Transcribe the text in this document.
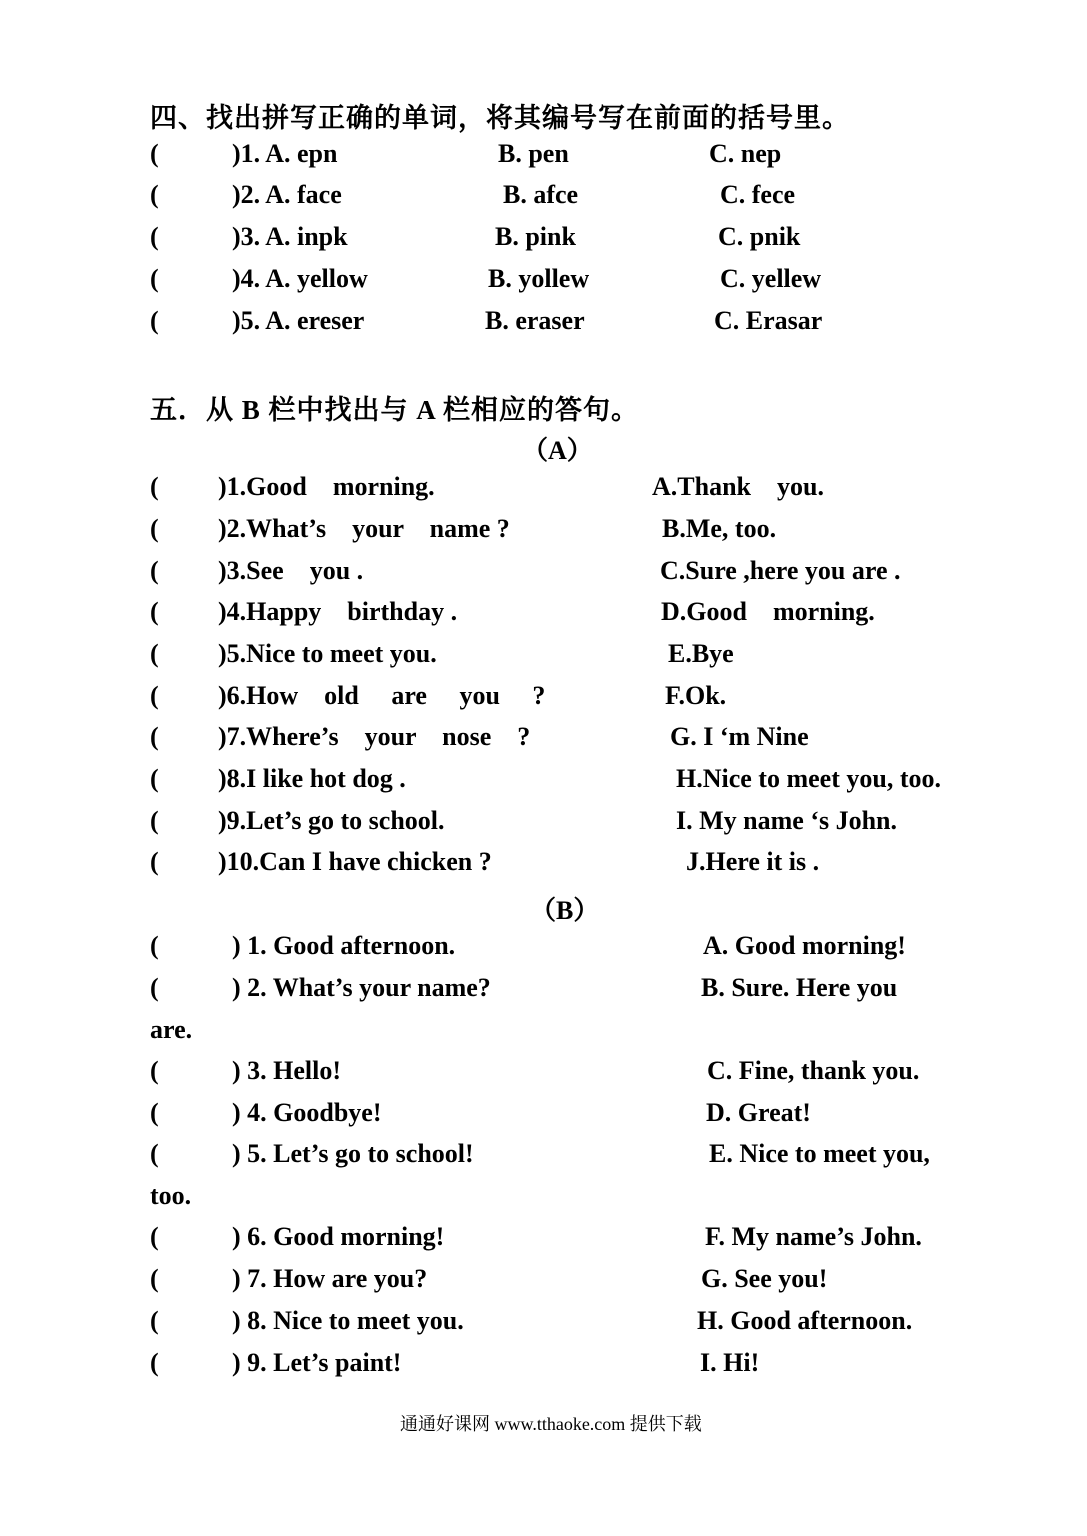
四、找出拼写正确的单词，将其编号写在前面的括号里。
(	)1. A. epn	B. pen	C. nep
(	)2. A. face	B. afce	C. fece
(	)3. A. inpk	B. pink	C. pnik
(	)4. A. yellow	B. yollew	C. yellew
(	)5. A. ereser	B. eraser	C. Erasar
五．从 B 栏中找出与 A 栏相应的答句。
（A）
( )1.Good    morning.	A.Thank    you.
( )2.What’s    your    name ?	B.Me, too.
( )3.See    you .	C.Sure ,here you are .
( )4.Happy    birthday .	D.Good    morning.
( )5.Nice to meet you.	E.Bye
( )6.How    old     are     you     ?	F.Ok.
( )7.Where’s    your    nose    ?	G. I ‘m Nine
( )8.I like hot dog .	H.Nice to meet you, too.
( )9.Let’s go to school.	I. My name ‘s John.
( )10.Can I have chicken ?	J.Here it is .
（B）
(	) 1. Good afternoon.	A. Good morning!
(	) 2. What’s your name?	B. Sure. Here you
are.
(	) 3. Hello!	C. Fine, thank you.
(	) 4. Goodbye!	D. Great!
(	) 5. Let’s go to school!	E. Nice to meet you,
too.
(	) 6. Good morning!	F. My name’s John.
(	) 7. How are you?	G. See you!
(	) 8. Nice to meet you.	H. Good afternoon.
(	) 9. Let’s paint!	I. Hi!
通通好课网 www.tthaoke.com 提供下载
